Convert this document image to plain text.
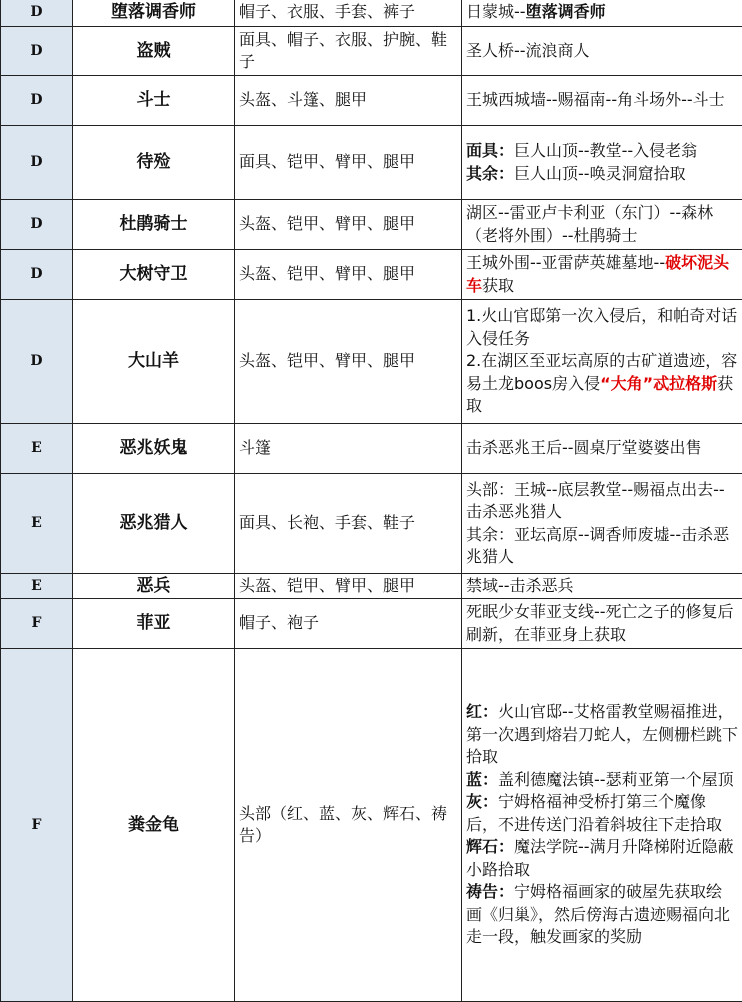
D	堕落调香师	帽子、衣服、手套、裤子	日蒙城--堕落调香师
D	盗贼	面具、帽子、衣服、护腕、鞋子	圣人桥--流浪商人
D	斗士	头盔、斗篷、腿甲	王城西城墙--赐福南--角斗场外--斗士
D	待殓	面具、铠甲、臂甲、腿甲	面具：巨人山顶--教堂--入侵老翁
其余：巨人山顶--唤灵洞窟拾取

D	杜鹃骑士	头盔、铠甲、臂甲、腿甲	湖区--雷亚卢卡利亚（东门）--森林（老将外围）--杜鹃骑士
D	大树守卫	头盔、铠甲、臂甲、腿甲	王城外围--亚雷萨英雄墓地--破坏泥头车获取
D	大山羊	头盔、铠甲、臂甲、腿甲	1.火山官邸第一次入侵后，和帕奇对话入侵任务
2.在湖区至亚坛高原的古矿道遗迹，容易土龙boos房入侵“大角”忒拉格斯获取

E	恶兆妖鬼	斗篷	击杀恶兆王后--圆桌厅堂婆婆出售
E	恶兆猎人	面具、长袍、手套、鞋子	头部：王城--底层教堂--赐福点出去--击杀恶兆猎人
其余：亚坛高原--调香师废墟--击杀恶兆猎人

E	恶兵	头盔、铠甲、臂甲、腿甲	禁域--击杀恶兵
F	菲亚	帽子、袍子	死眠少女菲亚支线--死亡之子的修复后刷新，在菲亚身上获取
F	粪金龟	头部（红、蓝、灰、辉石、祷告）	红：火山官邸--艾格雷教堂赐福推进，第一次遇到熔岩刀蛇人，左侧栅栏跳下拾取
蓝：盖利德魔法镇--瑟莉亚第一个屋顶
灰：宁姆格福神受桥打第三个魔像后，不进传送门沿着斜坡往下走拾取
辉石：魔法学院--满月升降梯附近隐蔽小路拾取
祷告：宁姆格福画家的破屋先获取绘画《归巢》，然后傍海古遗迹赐福向北走一段，触发画家的奖励
